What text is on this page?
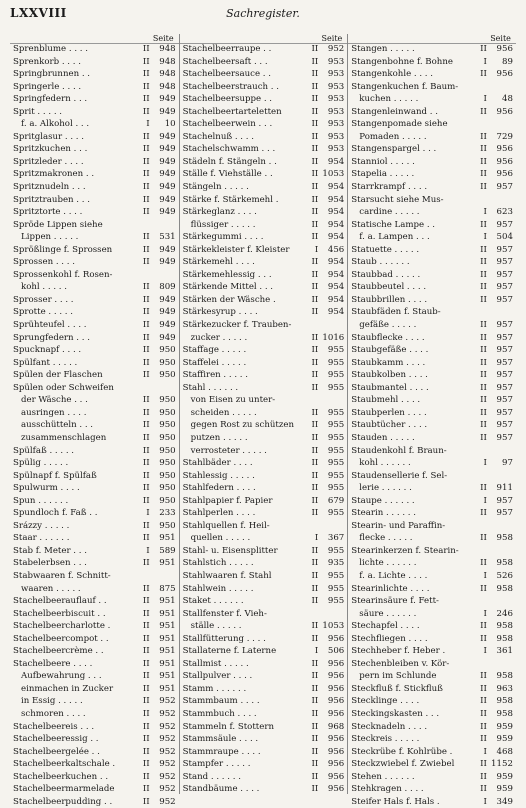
LXXVIII	Sachregister.
Seite
Sprenblume . . . .	II	948
Sprenkorb . . . .	II	948
Springbrunnen . .	II	948
Springerle . . . .	II	948
Springfedern . . .	II	949
Sprit . . . . .	II	949
f. a. Alkohol . . .	I	10
Spritglasur . . . .	II	949
Spritzkuchen . . .	II	949
Spritzleder . . . .	II	949
Spritzmakronen . .	II	949
Spritznudeln . . .	II	949
Spritztrauben . . .	II	949
Spritztorte . . . .	II	949
Spröde Lippen siehe
Lippen . . . . .	II	531
Sprößlinge f. Sprossen	II	949
Sprossen . . . .	II	949
Sprossenkohl f. Rosen-
kohl . . . . .	II	809
Sprosser . . . .	II	949
Sprotte . . . . .	II	949
Sprühteufel . . . .	II	949
Sprungfedern . . .	II	949
Spucknapf . . . .	II	950
Spülfant . . . . .	II	950
Spülen der Flaschen	II	950
Spülen oder Schweifen
der Wäsche . . .	II	950
ausringen . . . .	II	950
ausschütteln . . .	II	950
zusammenschlagen	II	950
Spülfaß . . . . .	II	950
Spülig . . . . .	II	950
Spülnapf f. Spülfaß	II	950
Spulwurm . . . .	II	950
Spun . . . . . .	II	950
Spundloch f. Faß . .	I	233
Srázzy . . . . .	II	950
Staar . . . . . .	II	951
Stab f. Meter . . .	I	589
Stabelerbsen . . .	II	951
Stabwaaren f. Schnitt-
waaren . . . . .	II	875
Stachelbeerauflauf . .	II	951
Stachelbeerbiscuit . .	II	951
Stachelbeercharlotte .	II	951
Stachelbeercompot . .	II	951
Stachelbeercrème . .	II	951
Stachelbeere . . . .	II	951
Aufbewahrung . . .	II	951
einmachen in Zucker	II	951
in Essig . . . . .	II	952
schmoren . . . .	II	952
Stachelbeereis . . .	II	952
Stachelbeeressig . .	II	952
Stachelbeergelée . .	II	952
Stachelbeerkaltschale .	II	952
Stachelbeerkuchen . .	II	952
Stachelbeermarmelade	II	952
Stachelbeerpudding . .	II	952
Seite
Stachelbeerraupe . .	II	952
Stachelbeersaft . . .	II	953
Stachelbeersauce . .	II	953
Stachelbeerstrauch . .	II	953
Stachelbeersuppe . .	II	953
Stachelbeertarteletten	II	953
Stachelbeerwein . . .	II	953
Stachelnuß . . . .	II	953
Stachelschwamm . . .	II	953
Städeln f. Stängeln . .	II	954
Ställe f. Viehställe . .	II 1053
Stängeln . . . . .	II	954
Stärke f. Stärkemehl .	II	954
Stärkeglanz . . . .	II	954
flüssiger . . . . .	II	954
Stärkegummi . . . .	II	954
Stärkekleister f. Kleister	I	456
Stärkemehl . . . .	II	954
Stärkemehlessig . . .	II	954
Stärkende Mittel . . .	II	954
Stärken der Wäsche .	II	954
Stärkesyrup . . . .	II	954
Stärkezucker f. Trauben-
zucker . . . . .	II 1016
Staffage . . . . .	II	955
Staffelei . . . . .	II	955
Staffiren . . . . .	II	955
Stahl . . . . . .	II	955
von Eisen zu unter-
scheiden . . . . .	II	955
gegen Rost zu schützen	II	955
putzen . . . . .	II	955
verrosteter . . . . .	II	955
Stahlbäder . . . .	II	955
Stahlessig . . . . .	II	955
Stahlfedern . . . .	II	955
Stahlpapier f. Papier	II	679
Stahlperlen . . . .	II	955
Stahlquellen f. Heil-
quellen . . . . .	I	367
Stahl- u. Eisensplitter	II	955
Stahlstich . . . . .	II	935
Stahlwaaren f. Stahl	II	955
Stahlwein . . . . .	II	955
Staket . . . . . .	II	955
Stallfenster f. Vieh-
ställe . . . . .	II 1053
Stallfütterung . . . .	II	956
Stallaterne f. Laterne	I	506
Stallmist . . . . .	II	956
Stallpulver . . . .	II	956
Stamm . . . . . .	II	956
Stammbaum . . . .	II	956
Stammbuch . . . .	II	956
Stammeln f. Stottern	II	968
Stammsäule . . . .	II	956
Stammraupe . . . .	II	956
Stampfer . . . . .	II	956
Stand . . . . . .	II	956
Standbäume . . . .	II	956
Seite
Stangen . . . . .	II	956
Stangenbohne f. Bohne	I	89
Stangenkohle . . . .	II	956
Stangenkuchen f. Baum-
kuchen . . . . .	I	48
Stangenleinwand . .	II	956
Stangenpomade siehe
Pomaden . . . . .	II	729
Stangenspargel . . .	II	956
Stanniol . . . . .	II	956
Stapelia . . . . .	II	956
Starrkrampf . . . .	II	957
Starsucht siehe Mus-
cardine . . . . .	I	623
Statische Lampe . .	II	957
f. a. Lampen . . .	I	504
Statuette . . . . .	II	957
Staub . . . . . .	II	957
Staubbad . . . . .	II	957
Staubbeutel . . . .	II	957
Staubbrillen . . . .	II	957
Staubfäden f. Staub-
gefäße . . . . .	II	957
Staubflecke . . . .	II	957
Staubgefäße . . . .	II	957
Staubkamm . . . .	II	957
Staubkolben . . . .	II	957
Staubmantel . . . .	II	957
Staubmehl . . . .	II	957
Staubperlen . . . .	II	957
Staubtücher . . . .	II	957
Stauden . . . . .	II	957
Staudenkohl f. Braun-
kohl . . . . . .	I	97
Staudensellerie f. Sel-
lerie . . . . . .	II	911
Staupe . . . . . .	I	957
Stearin . . . . . .	II	957
Stearin- und Paraffin-
flecke . . . . .	II	958
Stearinkerzen f. Stearin-
lichte . . . . . .	II	958
f. a. Lichte . . . .	I	526
Stearinlichte . . . .	II	958
Stearinsäure f. Fett-
säure . . . . . .	I	246
Stechapfel . . . .	II	958
Stechfliegen . . . .	II	958
Stechheber f. Heber .	I	361
Stechenbleiben v. Kör-
pern im Schlunde	II	958
Steckfluß f. Stickfluß	II	963
Stecklinge . . . .	II	958
Steckingskasten . . .	II	958
Stecknadeln . . . .	II	959
Steckreis . . . . .	II	959
Steckrübe f. Kohlrübe .	I	468
Steckzwiebel f. Zwiebel	II 1152
Stehen . . . . . .	II	959
Stehkragen . . . .	II	959
Steifer Hals f. Hals .	I	349
